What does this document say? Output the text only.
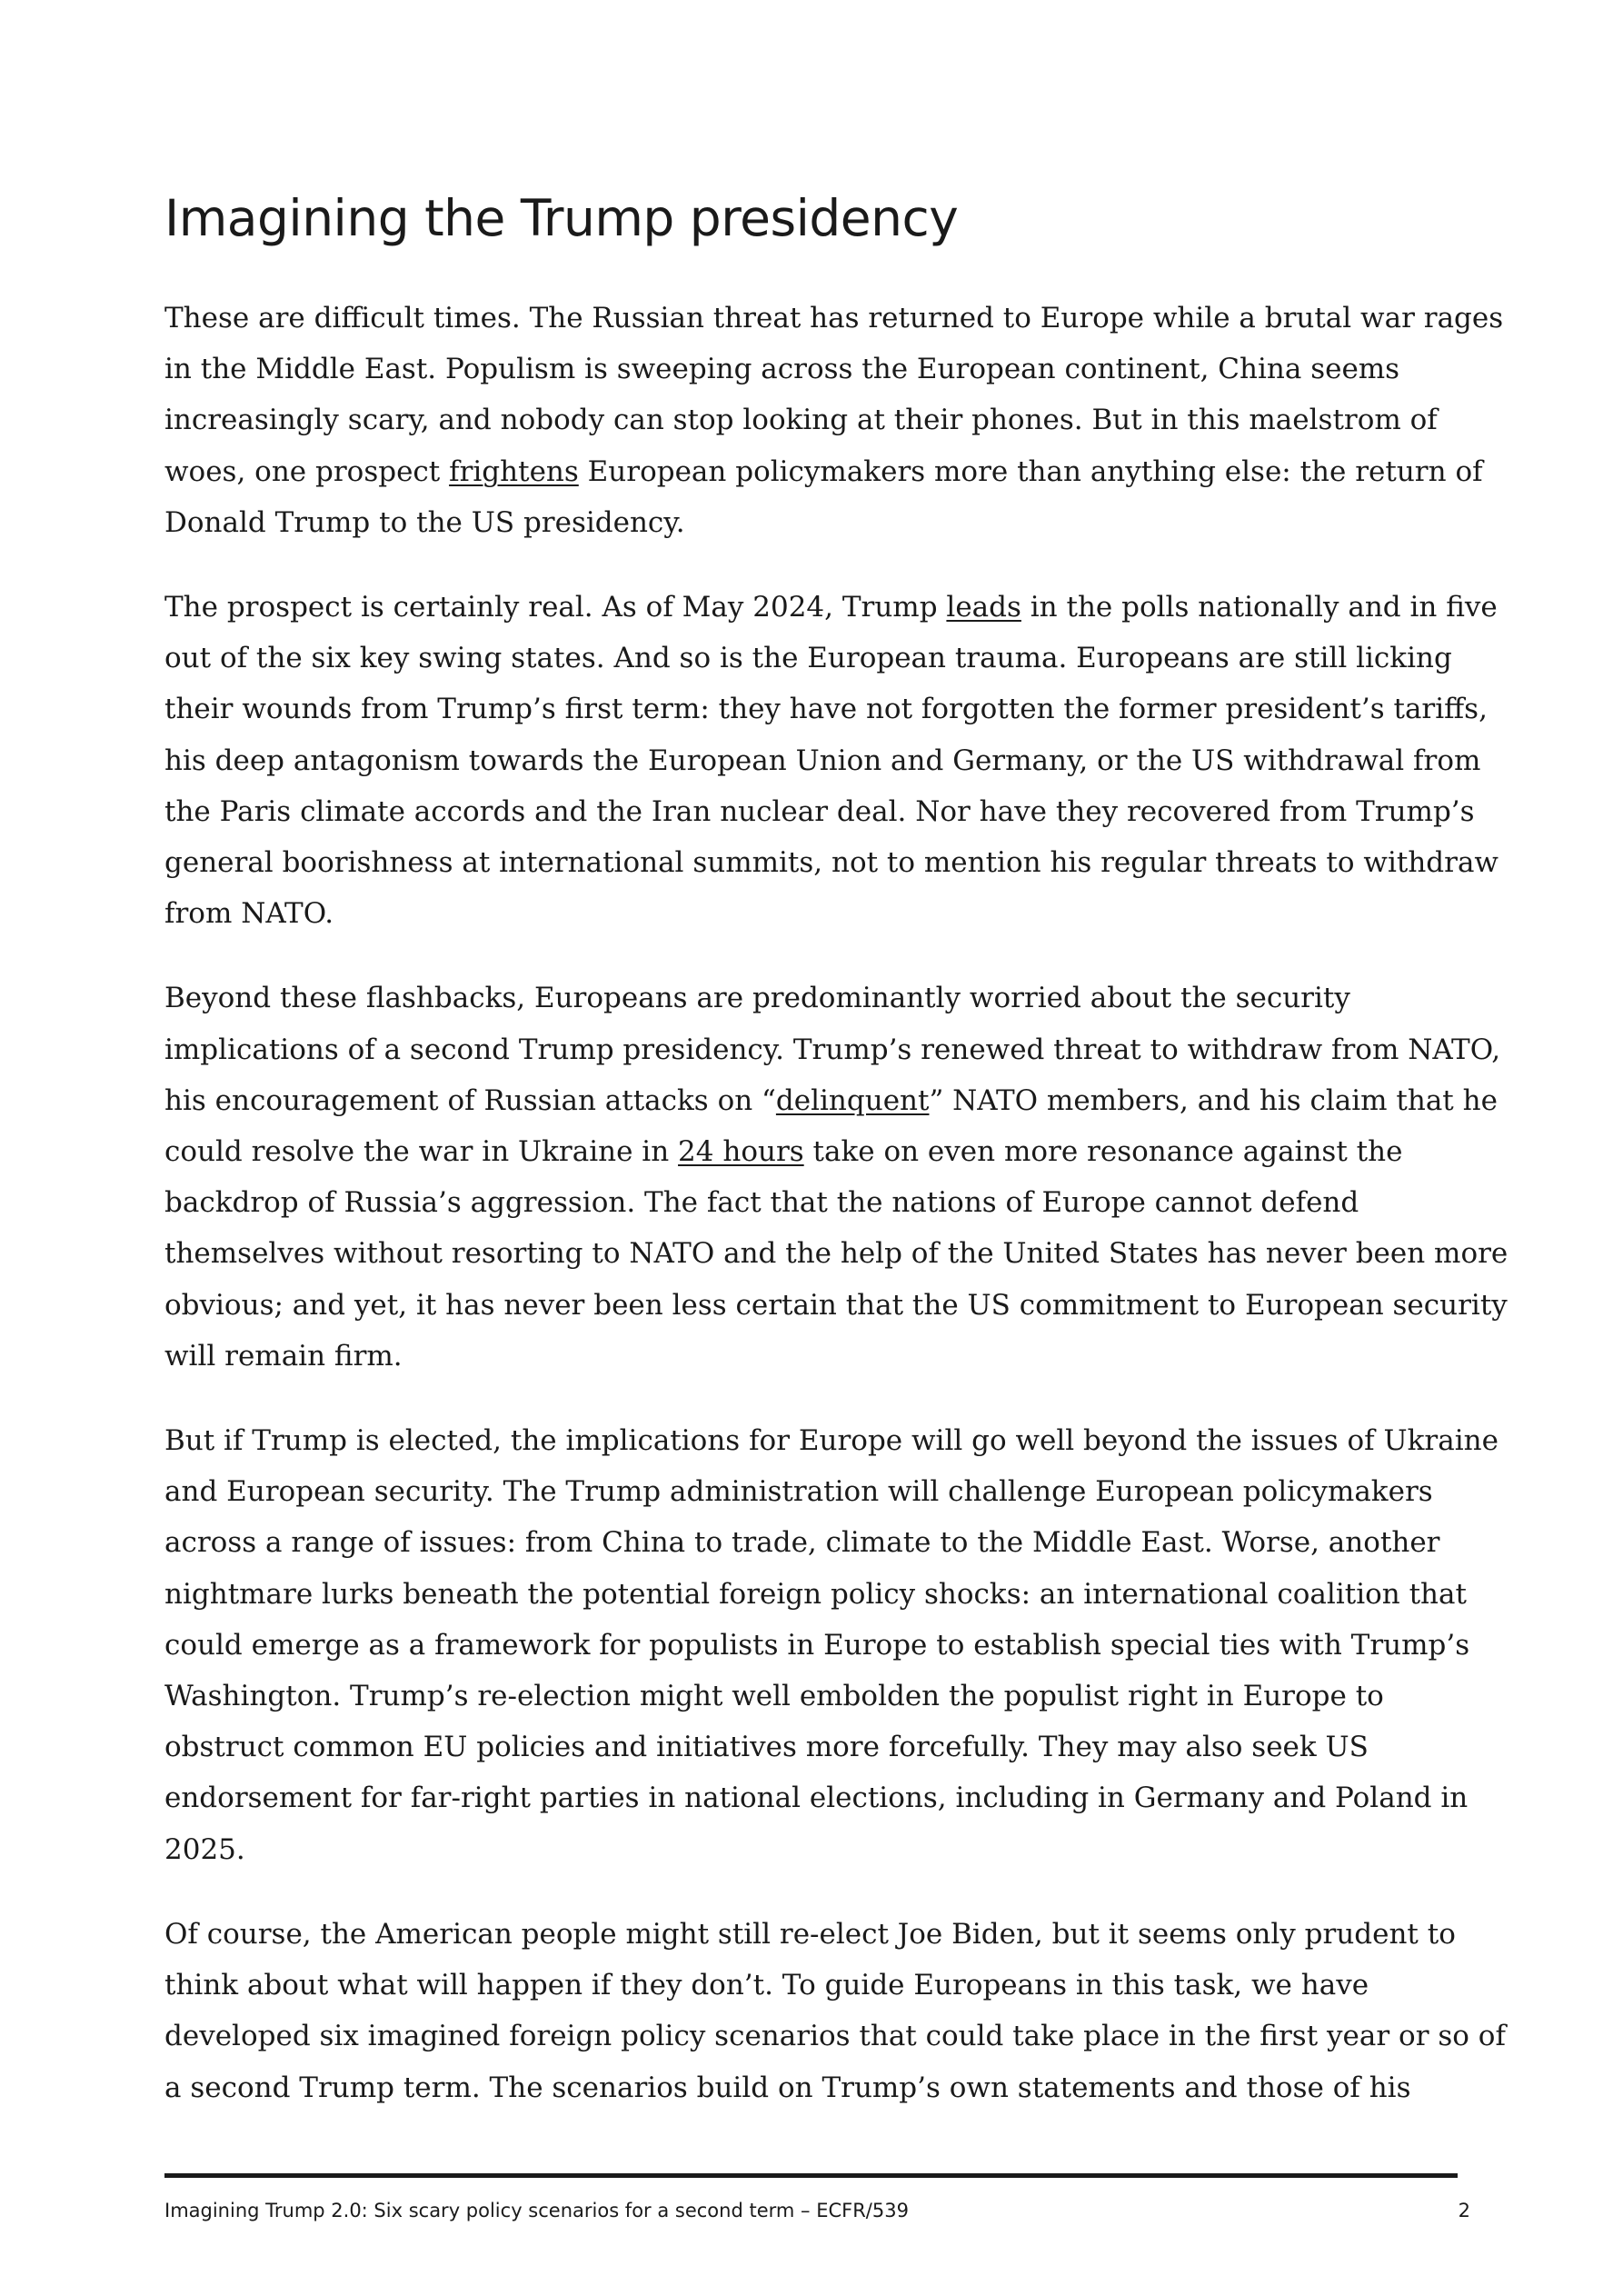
Imagining the Trump presidency

These are difficult times. The Russian threat has returned to Europe while a brutal war rages
in the Middle East. Populism is sweeping across the European continent, China seems
increasingly scary, and nobody can stop looking at their phones. But in this maelstrom of
woes, one prospect frightens European policymakers more than anything else: the return of
Donald Trump to the US presidency.

The prospect is certainly real. As of May 2024, Trump leads in the polls nationally and in five
out of the six key swing states. And so is the European trauma. Europeans are still licking
their wounds from Trump’s first term: they have not forgotten the former president’s tariffs,
his deep antagonism towards the European Union and Germany, or the US withdrawal from
the Paris climate accords and the Iran nuclear deal. Nor have they recovered from Trump’s
general boorishness at international summits, not to mention his regular threats to withdraw
from NATO.

Beyond these flashbacks, Europeans are predominantly worried about the security
implications of a second Trump presidency. Trump’s renewed threat to withdraw from NATO,
his encouragement of Russian attacks on “delinquent” NATO members, and his claim that he
could resolve the war in Ukraine in 24 hours take on even more resonance against the
backdrop of Russia’s aggression. The fact that the nations of Europe cannot defend
themselves without resorting to NATO and the help of the United States has never been more
obvious; and yet, it has never been less certain that the US commitment to European security
will remain firm.

But if Trump is elected, the implications for Europe will go well beyond the issues of Ukraine
and European security. The Trump administration will challenge European policymakers
across a range of issues: from China to trade, climate to the Middle East. Worse, another
nightmare lurks beneath the potential foreign policy shocks: an international coalition that
could emerge as a framework for populists in Europe to establish special ties with Trump’s
Washington. Trump’s re-election might well embolden the populist right in Europe to
obstruct common EU policies and initiatives more forcefully. They may also seek US
endorsement for far-right parties in national elections, including in Germany and Poland in
2025.

Of course, the American people might still re-elect Joe Biden, but it seems only prudent to
think about what will happen if they don’t. To guide Europeans in this task, we have
developed six imagined foreign policy scenarios that could take place in the first year or so of
a second Trump term. The scenarios build on Trump’s own statements and those of his

Imagining Trump 2.0: Six scary policy scenarios for a second term – ECFR/539	2
